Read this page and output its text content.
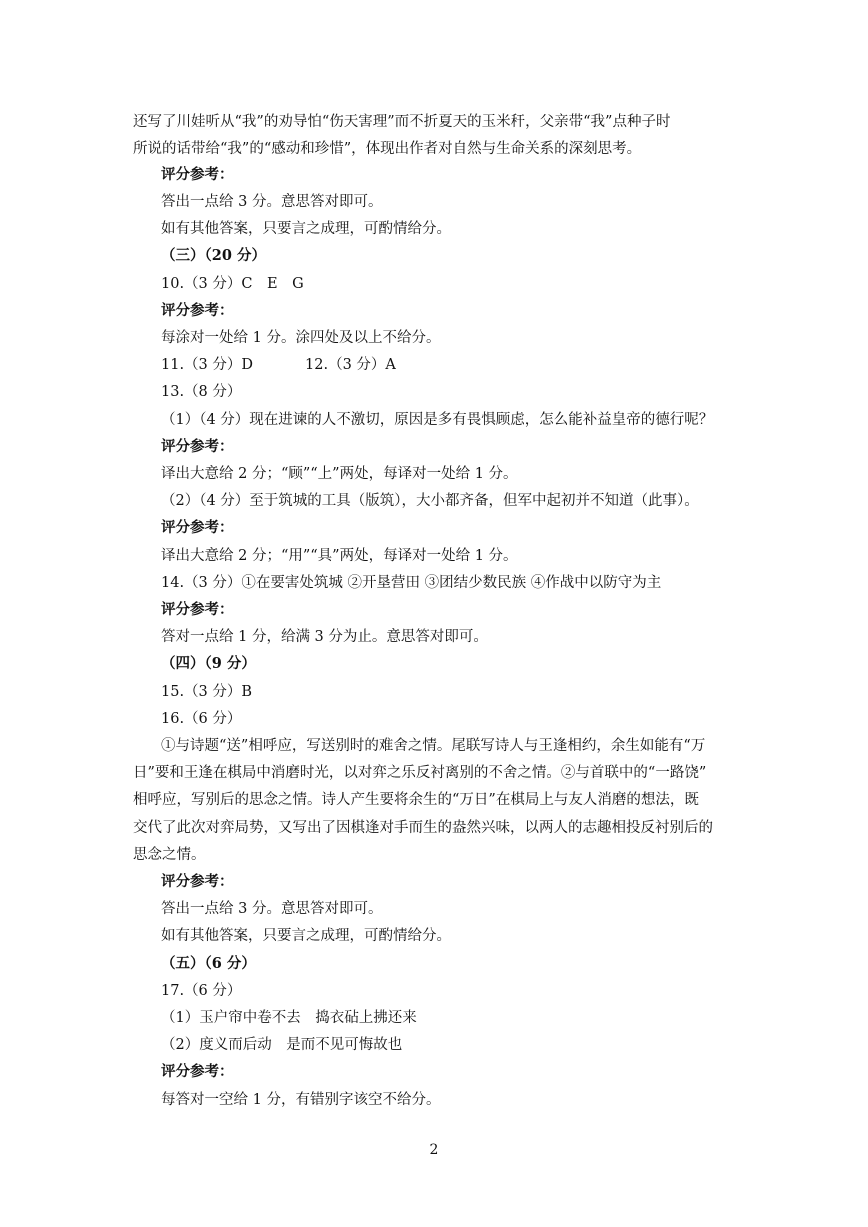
还写了川娃听从“我”的劝导怕“伤天害理”而不折夏天的玉米秆，父亲带“我”点种子时
所说的话带给“我”的“感动和珍惜”，体现出作者对自然与生命关系的深刻思考。
评分参考：
答出一点给 3 分。意思答对即可。
如有其他答案，只要言之成理，可酌情给分。
（三）（20 分）
10.（3 分）C　E　G
评分参考：
每涂对一处给 1 分。涂四处及以上不给分。
11.（3 分）D	12.（3 分）A
13.（8 分）
（1）（4 分）现在进谏的人不激切，原因是多有畏惧顾虑，怎么能补益皇帝的德行呢？
评分参考：
译出大意给 2 分；“顾”“上”两处，每译对一处给 1 分。
（2）（4 分）至于筑城的工具（版筑），大小都齐备，但军中起初并不知道（此事）。
评分参考：
译出大意给 2 分；“用”“具”两处，每译对一处给 1 分。
14.（3 分）①在要害处筑城 ②开垦营田 ③团结少数民族 ④作战中以防守为主
评分参考：
答对一点给 1 分，给满 3 分为止。意思答对即可。
（四）（9 分）
15.（3 分）B
16.（6 分）
①与诗题“送”相呼应，写送别时的难舍之情。尾联写诗人与王逢相约，余生如能有“万
日”要和王逢在棋局中消磨时光，以对弈之乐反衬离别的不舍之情。②与首联中的“一路饶”
相呼应，写别后的思念之情。诗人产生要将余生的“万日”在棋局上与友人消磨的想法，既
交代了此次对弈局势，又写出了因棋逢对手而生的盎然兴味，以两人的志趣相投反衬别后的
思念之情。
评分参考：
答出一点给 3 分。意思答对即可。
如有其他答案，只要言之成理，可酌情给分。
（五）（6 分）
17.（6 分）
（1）玉户帘中卷不去　捣衣砧上拂还来
（2）度义而后动　是而不见可悔故也
评分参考：
每答对一空给 1 分，有错别字该空不给分。
2
